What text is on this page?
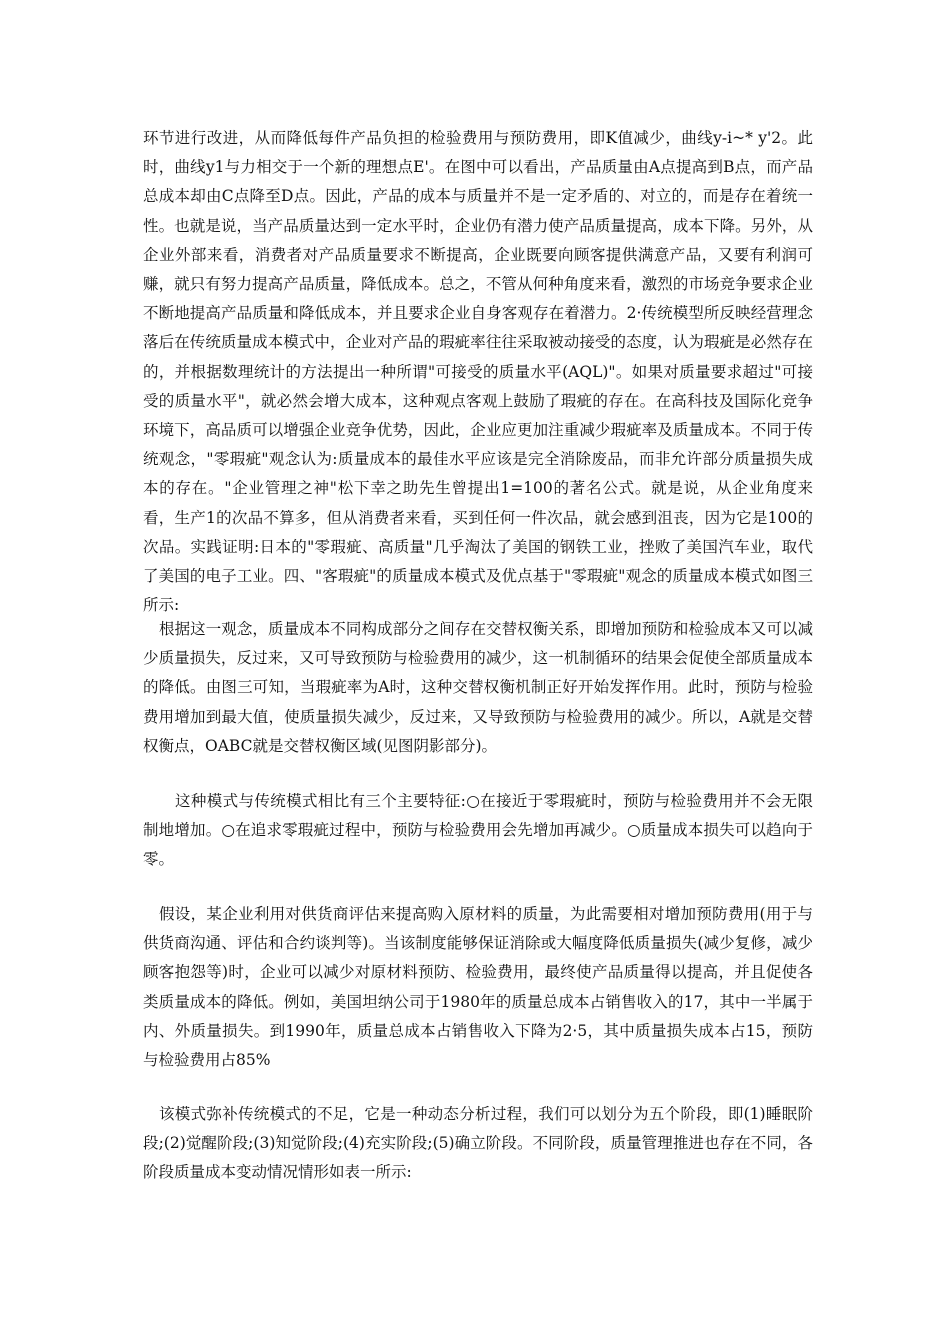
环节进行改进，从而降低每件产品负担的检验费用与预防费用，即K值减少，曲线y-i~* y'2。此时，曲线y1与力相交于一个新的理想点E'。在图中可以看出，产品质量由A点提高到B点，而产品总成本却由C点降至D点。因此，产品的成本与质量并不是一定矛盾的、对立的，而是存在着统一性。也就是说，当产品质量达到一定水平时，企业仍有潜力使产品质量提高，成本下降。另外，从企业外部来看，消费者对产品质量要求不断提高，企业既要向顾客提供满意产品，又要有利润可赚，就只有努力提高产品质量，降低成本。总之，不管从何种角度来看，激烈的市场竞争要求企业不断地提高产品质量和降低成本，并且要求企业自身客观存在着潜力。2·传统模型所反映经营理念落后在传统质量成本模式中，企业对产品的瑕疵率往往采取被动接受的态度，认为瑕疵是必然存在的，并根据数理统计的方法提出一种所谓"可接受的质量水平(AQL)"。如果对质量要求超过"可接受的质量水平"，就必然会增大成本，这种观点客观上鼓励了瑕疵的存在。在高科技及国际化竞争环境下，高品质可以增强企业竞争优势，因此，企业应更加注重减少瑕疵率及质量成本。不同于传统观念，"零瑕疵"观念认为:质量成本的最佳水平应该是完全消除废品，而非允许部分质量损失成本的存在。"企业管理之神"松下幸之助先生曾提出1=100的著名公式。就是说，从企业角度来看，生产1的次品不算多，但从消费者来看，买到任何一件次品，就会感到沮丧，因为它是100的次品。实践证明:日本的"零瑕疵、高质量"几乎淘汰了美国的钢铁工业，挫败了美国汽车业，取代了美国的电子工业。四、"客瑕疵"的质量成本模式及优点基于"零瑕疵"观念的质量成本模式如图三所示:

根据这一观念，质量成本不同构成部分之间存在交替权衡关系，即增加预防和检验成本又可以减少质量损失，反过来，又可导致预防与检验费用的减少，这一机制循环的结果会促使全部质量成本的降低。由图三可知，当瑕疵率为A时，这种交替权衡机制正好开始发挥作用。此时，预防与检验费用增加到最大值，使质量损失减少，反过来，又导致预防与检验费用的减少。所以，A就是交替权衡点，OABC就是交替权衡区域(见图阴影部分)。

这种模式与传统模式相比有三个主要特征:○在接近于零瑕疵时，预防与检验费用并不会无限制地增加。○在追求零瑕疵过程中，预防与检验费用会先增加再减少。○质量成本损失可以趋向于零。

假设，某企业利用对供货商评估来提高购入原材料的质量，为此需要相对增加预防费用(用于与供货商沟通、评估和合约谈判等)。当该制度能够保证消除或大幅度降低质量损失(减少复修，减少顾客抱怨等)时，企业可以减少对原材料预防、检验费用，最终使产品质量得以提高，并且促使各类质量成本的降低。例如，美国坦纳公司于1980年的质量总成本占销售收入的17，其中一半属于内、外质量损失。到1990年，质量总成本占销售收入下降为2·5，其中质量损失成本占15，预防与检验费用占85%

该模式弥补传统模式的不足，它是一种动态分析过程，我们可以划分为五个阶段，即(1)睡眠阶段;(2)觉醒阶段;(3)知觉阶段;(4)充实阶段;(5)确立阶段。不同阶段，质量管理推进也存在不同，各阶段质量成本变动情况情形如表一所示:
